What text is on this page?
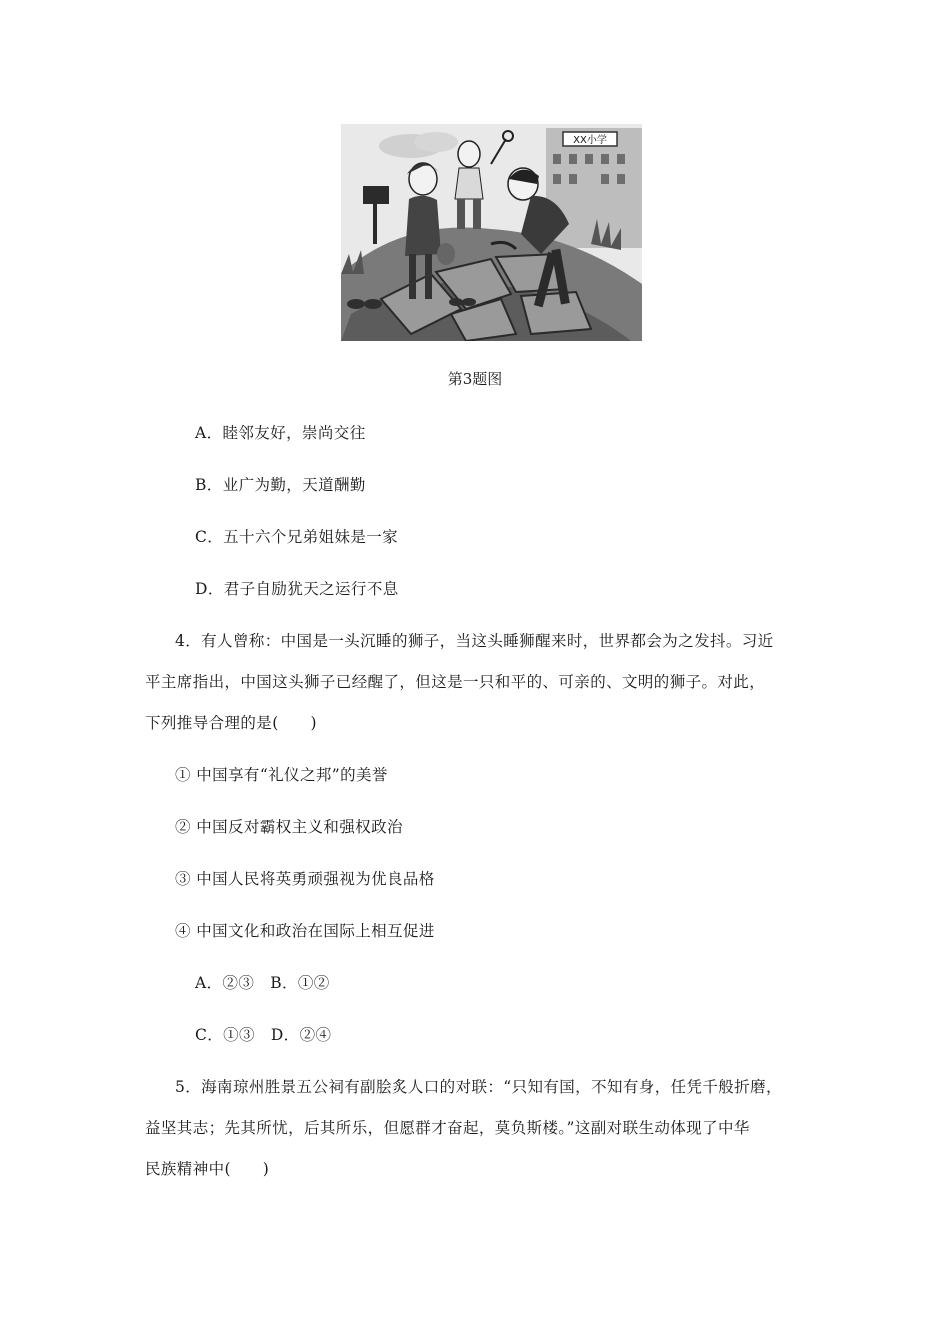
XX小学
第3题图
A．睦邻友好，崇尚交往
B．业广为勤，天道酬勤
C．五十六个兄弟姐妹是一家
D．君子自励犹天之运行不息
4．有人曾称：中国是一头沉睡的狮子，当这头睡狮醒来时，世界都会为之发抖。习近
平主席指出，中国这头狮子已经醒了，但这是一只和平的、可亲的、文明的狮子。对此，
下列推导合理的是(　　)
① 中国享有“礼仪之邦”的美誉
② 中国反对霸权主义和强权政治
③ 中国人民将英勇顽强视为优良品格
④ 中国文化和政治在国际上相互促进
A．②③　B．①②
C．①③　D．②④
5．海南琼州胜景五公祠有副脍炙人口的对联：“只知有国，不知有身，任凭千般折磨，
益坚其志；先其所忧，后其所乐，但愿群才奋起，莫负斯楼。”这副对联生动体现了中华
民族精神中(　　)
